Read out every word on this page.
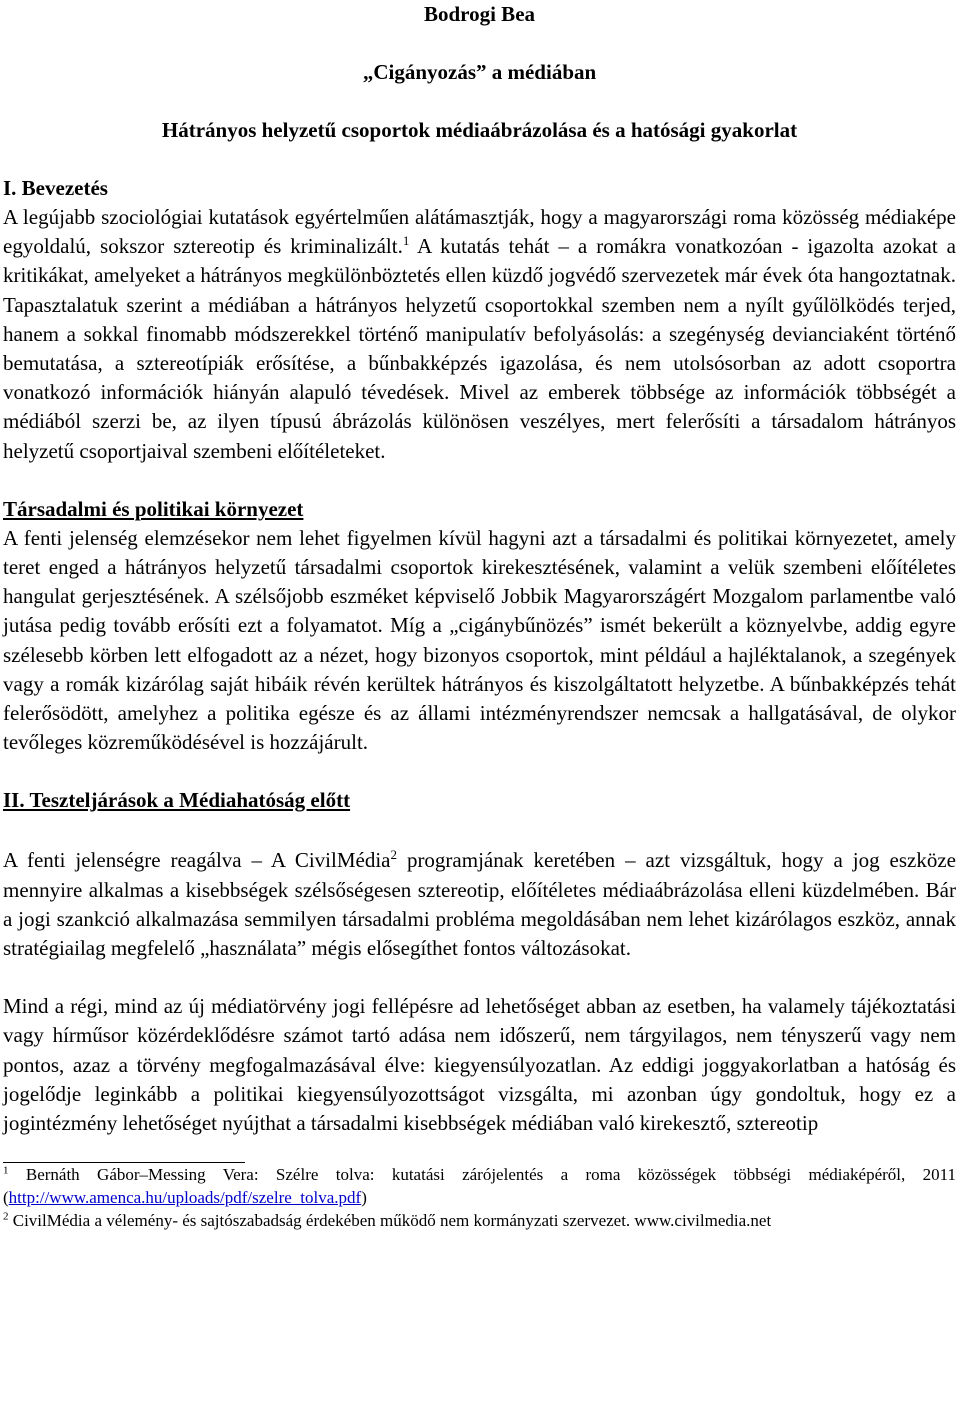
Bodrogi Bea

„Cigányozás” a médiában

Hátrányos helyzetű csoportok médiaábrázolása és a hatósági gyakorlat

I. Bevezetés

A legújabb szociológiai kutatások egyértelműen alátámasztják, hogy a magyarországi roma közösség médiaképe egyoldalú, sokszor sztereotip és kriminalizált.$^1$ A kutatás tehát – a romákra vonatkozóan - igazolta azokat a kritikákat, amelyeket a hátrányos megkülönböztetés ellen küzdő jogvédő szervezetek már évek óta hangoztatnak. Tapasztalatuk szerint a médiában a hátrányos helyzetű csoportokkal szemben nem a nyílt gyűlölködés terjed, hanem a sokkal finomabb módszerekkel történő manipulatív befolyásolás: a szegénység devianciaként történő bemutatása, a sztereotípiák erősítése, a bűnbakképzés igazolása, és nem utolsósorban az adott csoportra vonatkozó információk hiányán alapuló tévedések. Mivel az emberek többsége az információk többségét a médiából szerzi be, az ilyen típusú ábrázolás különösen veszélyes, mert felerősíti a társadalom hátrányos helyzetű csoportjaival szembeni előítéleteket.

Társadalmi és politikai környezet

A fenti jelenség elemzésekor nem lehet figyelmen kívül hagyni azt a társadalmi és politikai környezetet, amely teret enged a hátrányos helyzetű társadalmi csoportok kirekesztésének, valamint a velük szembeni előítéletes hangulat gerjesztésének. A szélsőjobb eszméket képviselő Jobbik Magyarországért Mozgalom parlamentbe való jutása pedig tovább erősíti ezt a folyamatot. Míg a „cigánybűnözés” ismét bekerült a köznyelvbe, addig egyre szélesebb körben lett elfogadott az a nézet, hogy bizonyos csoportok, mint például a hajléktalanok, a szegények vagy a romák kizárólag saját hibáik révén kerültek hátrányos és kiszolgáltatott helyzetbe. A bűnbakképzés tehát felerősödött, amelyhez a politika egésze és az állami intézményrendszer nemcsak a hallgatásával, de olykor tevőleges közreműködésével is hozzájárult.

II. Teszteljárások a Médiahatóság előtt

A fenti jelenségre reagálva – A CivilMédia$^2$ programjának keretében – azt vizsgáltuk, hogy a jog eszköze mennyire alkalmas a kisebbségek szélsőségesen sztereotip, előítéletes médiaábrázolása elleni küzdelmében. Bár a jogi szankció alkalmazása semmilyen társadalmi probléma megoldásában nem lehet kizárólagos eszköz, annak stratégiailag megfelelő „használata” mégis elősegíthet fontos változásokat.

Mind a régi, mind az új médiatörvény jogi fellépésre ad lehetőséget abban az esetben, ha valamely tájékoztatási vagy hírműsor közérdeklődésre számot tartó adása nem időszerű, nem tárgyilagos, nem tényszerű vagy nem pontos, azaz a törvény megfogalmazásával élve: kiegyensúlyozatlan. Az eddigi joggyakorlatban a hatóság és jogelődje leginkább a politikai kiegyensúlyozottságot vizsgálta, mi azonban úgy gondoltuk, hogy ez a jogintézmény lehetőséget nyújthat a társadalmi kisebbségek médiában való kirekesztő, sztereotip

$^1$ Bernáth Gábor–Messing Vera: Szélre tolva: kutatási zárójelentés a roma közösségek többségi médiaképéről, 2011 (http://www.amenca.hu/uploads/pdf/szelre_tolva.pdf)

$^2$ CivilMédia a vélemény- és sajtószabadság érdekében működő nem kormányzati szervezet. www.civilmedia.net
